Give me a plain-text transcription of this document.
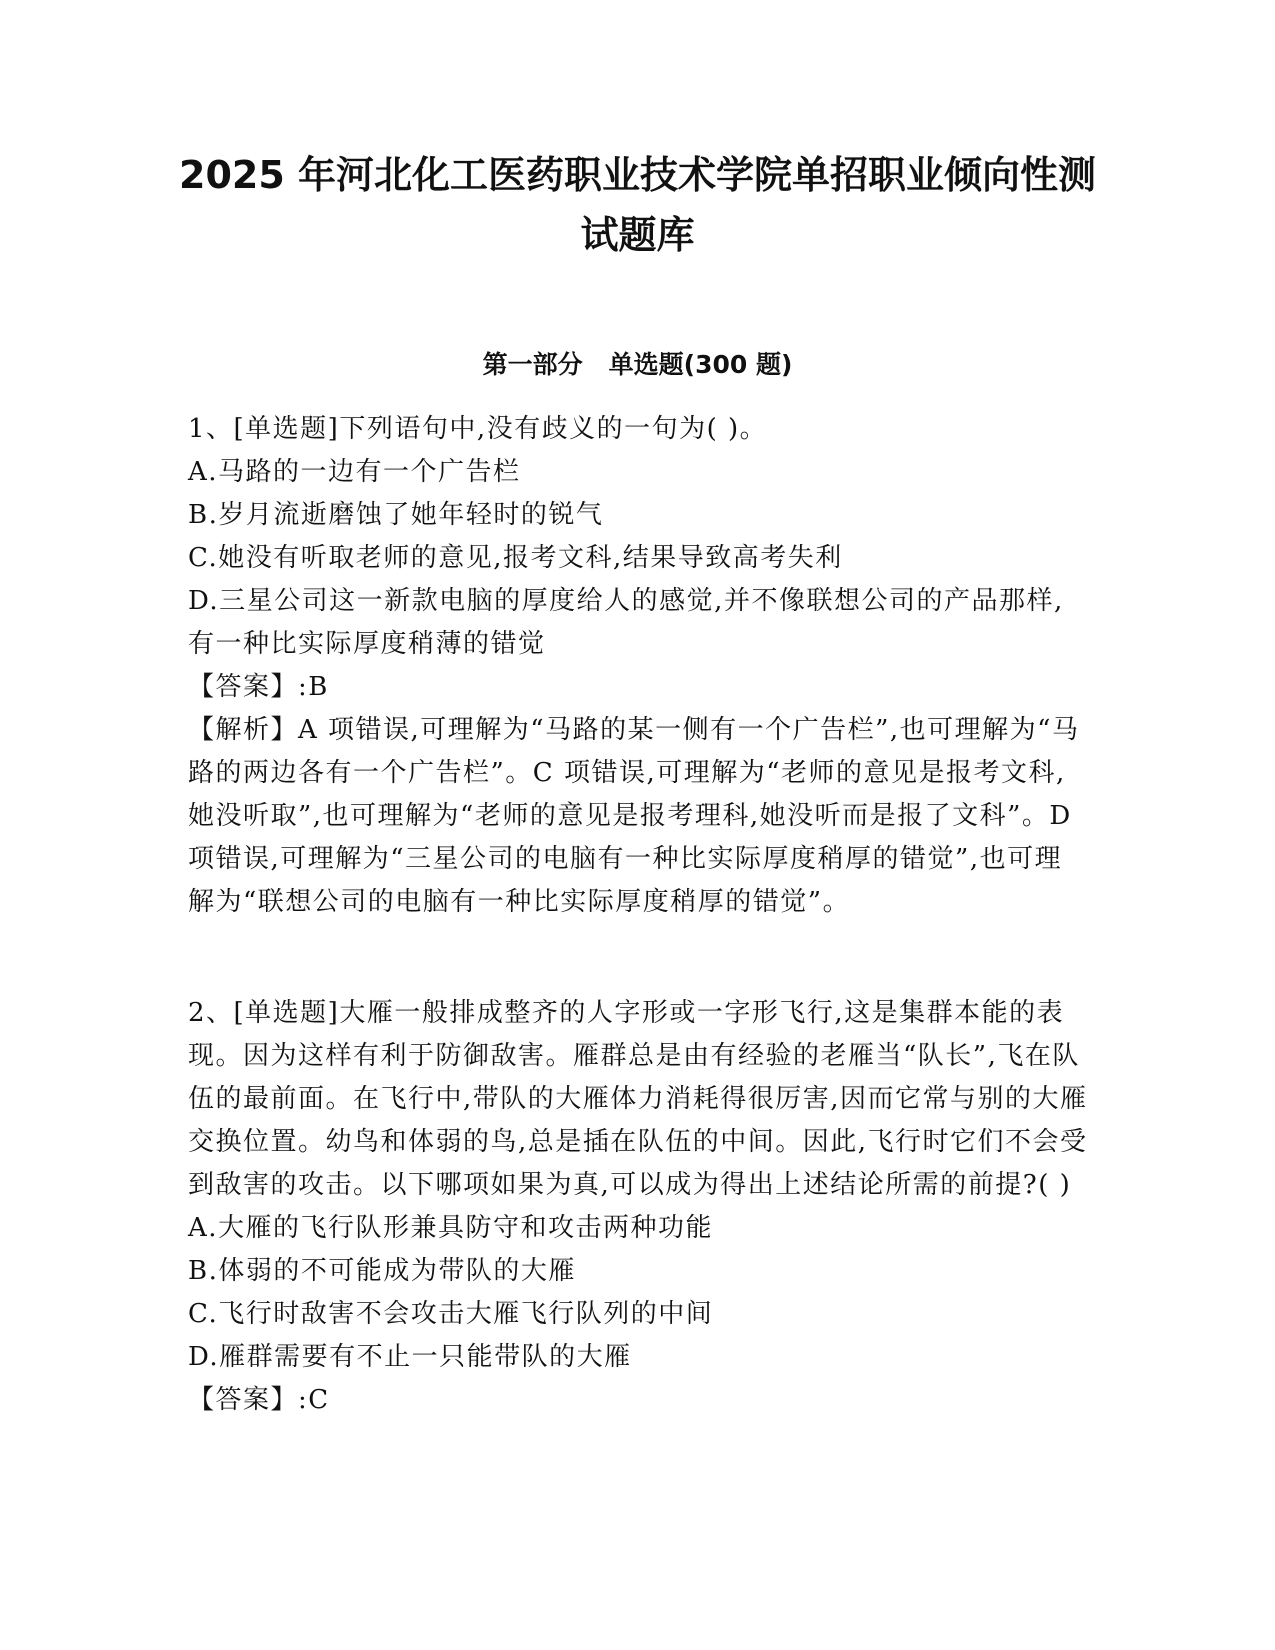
2025 年河北化工医药职业技术学院单招职业倾向性测
试题库
第一部分   单选题(300 题)

1、[单选题]下列语句中,没有歧义的一句为( )。

A.马路的一边有一个广告栏

B.岁月流逝磨蚀了她年轻时的锐气

C.她没有听取老师的意见,报考文科,结果导致高考失利

D.三星公司这一新款电脑的厚度给人的感觉,并不像联想公司的产品那样,有一种比实际厚度稍薄的错觉

【答案】:B

【解析】A 项错误,可理解为“马路的某一侧有一个广告栏”,也可理解为“马路的两边各有一个广告栏”。C 项错误,可理解为“老师的意见是报考文科,她没听取”,也可理解为“老师的意见是报考理科,她没听而是报了文科”。D 项错误,可理解为“三星公司的电脑有一种比实际厚度稍厚的错觉”,也可理解为“联想公司的电脑有一种比实际厚度稍厚的错觉”。

2、[单选题]大雁一般排成整齐的人字形或一字形飞行,这是集群本能的表现。因为这样有利于防御敌害。雁群总是由有经验的老雁当“队长”,飞在队伍的最前面。在飞行中,带队的大雁体力消耗得很厉害,因而它常与别的大雁交换位置。幼鸟和体弱的鸟,总是插在队伍的中间。因此,飞行时它们不会受到敌害的攻击。以下哪项如果为真,可以成为得出上述结论所需的前提?( )

A.大雁的飞行队形兼具防守和攻击两种功能

B.体弱的不可能成为带队的大雁

C.飞行时敌害不会攻击大雁飞行队列的中间

D.雁群需要有不止一只能带队的大雁

【答案】:C
